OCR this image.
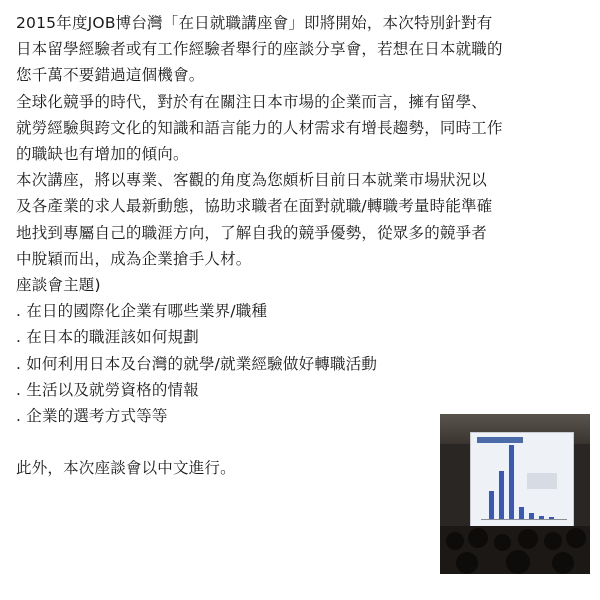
2015年度JOB博台灣「在日就職講座會」即將開始，本次特別針對有
日本留學經驗者或有工作經驗者舉行的座談分享會，若想在日本就職的
您千萬不要錯過這個機會。
全球化競爭的時代，對於有在關注日本市場的企業而言，擁有留學、
就勞經驗與跨文化的知識和語言能力的人材需求有增長趨勢，同時工作
的職缺也有增加的傾向。
本次講座，將以專業、客觀的角度為您頗析目前日本就業市場狀況以
及各產業的求人最新動態，協助求職者在面對就職/轉職考量時能準確
地找到專屬自己的職涯方向，了解自我的競爭優勢，從眾多的競爭者
中脫穎而出，成為企業搶手人材。
座談會主題)
. 在日的國際化企業有哪些業界/職種
. 在日本的職涯該如何規劃
. 如何利用日本及台灣的就學/就業經驗做好轉職活動
. 生活以及就勞資格的情報
. 企業的選考方式等等
此外，本次座談會以中文進行。
